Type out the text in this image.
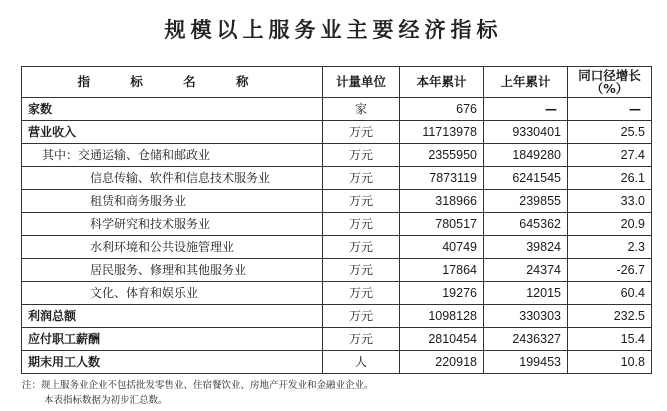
规模以上服务业主要经济指标
指 标 名 称	计量单位	本年累计	上年累计	同口径增长
（%）

家数	家	676	—	—
营业收入	万元	11713978	9330401	25.5
其中：交通运输、仓储和邮政业	万元	2355950	1849280	27.4
信息传输、软件和信息技术服务业	万元	7873119	6241545	26.1
租赁和商务服务业	万元	318966	239855	33.0
科学研究和技术服务业	万元	780517	645362	20.9
水利环境和公共设施管理业	万元	40749	39824	2.3
居民服务、修理和其他服务业	万元	17864	24374	-26.7
文化、体育和娱乐业	万元	19276	12015	60.4
利润总额	万元	1098128	330303	232.5
应付职工薪酬	万元	2810454	2436327	15.4
期末用工人数	人	220918	199453	10.8
注：规上服务业企业不包括批发零售业、住宿餐饮业、房地产开发业和金融业企业。
本表指标数据为初步汇总数。
